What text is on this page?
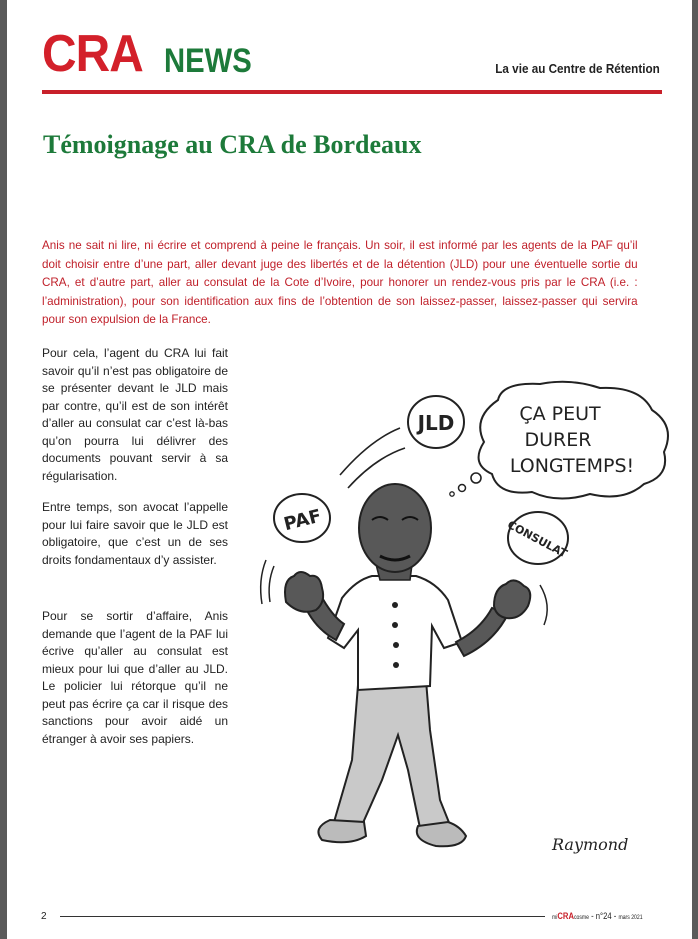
CRA NEWS	La vie au Centre de Rétention
Témoignage au CRA de Bordeaux

Anis ne sait ni lire, ni écrire et comprend à peine le français. Un soir, il est informé par les agents de la PAF qu’il doit choisir entre d’une part, aller devant juge des libertés et de la détention (JLD) pour une éventuelle sortie du CRA, et d’autre part, aller au consulat de la Cote d’Ivoire, pour honorer un rendez-vous pris par le CRA (i.e. : l’administration), pour son identification aux fins de l’obtention de son laissez-passer, laissez-passer qui servira pour son expulsion de la France.

Pour cela, l’agent du CRA lui fait savoir qu’il n’est pas obligatoire de se présenter devant le JLD mais par contre, qu’il est de son intérêt d’aller au consulat car c’est là-bas qu’on pourra lui délivrer des documents pouvant servir à sa régularisation.

Entre temps, son avocat l’appelle pour lui faire savoir que le JLD est obligatoire, que c’est un de ses droits fondamentaux d’y assister.

Pour se sortir d’affaire, Anis demande que l’agent de la PAF lui écrive qu’aller au consulat est mieux pour lui que d’aller au JLD. Le policier lui rétorque qu’il ne peut pas écrire ça car il risque des sanctions pour avoir aidé un étranger à avoir ses papiers.

JLD	ÇA PEUT
DURER
LONGTEMPS!
PAF	CONSULAT
Raymond
2	miCRAcosme - n°24 - mars 2021
